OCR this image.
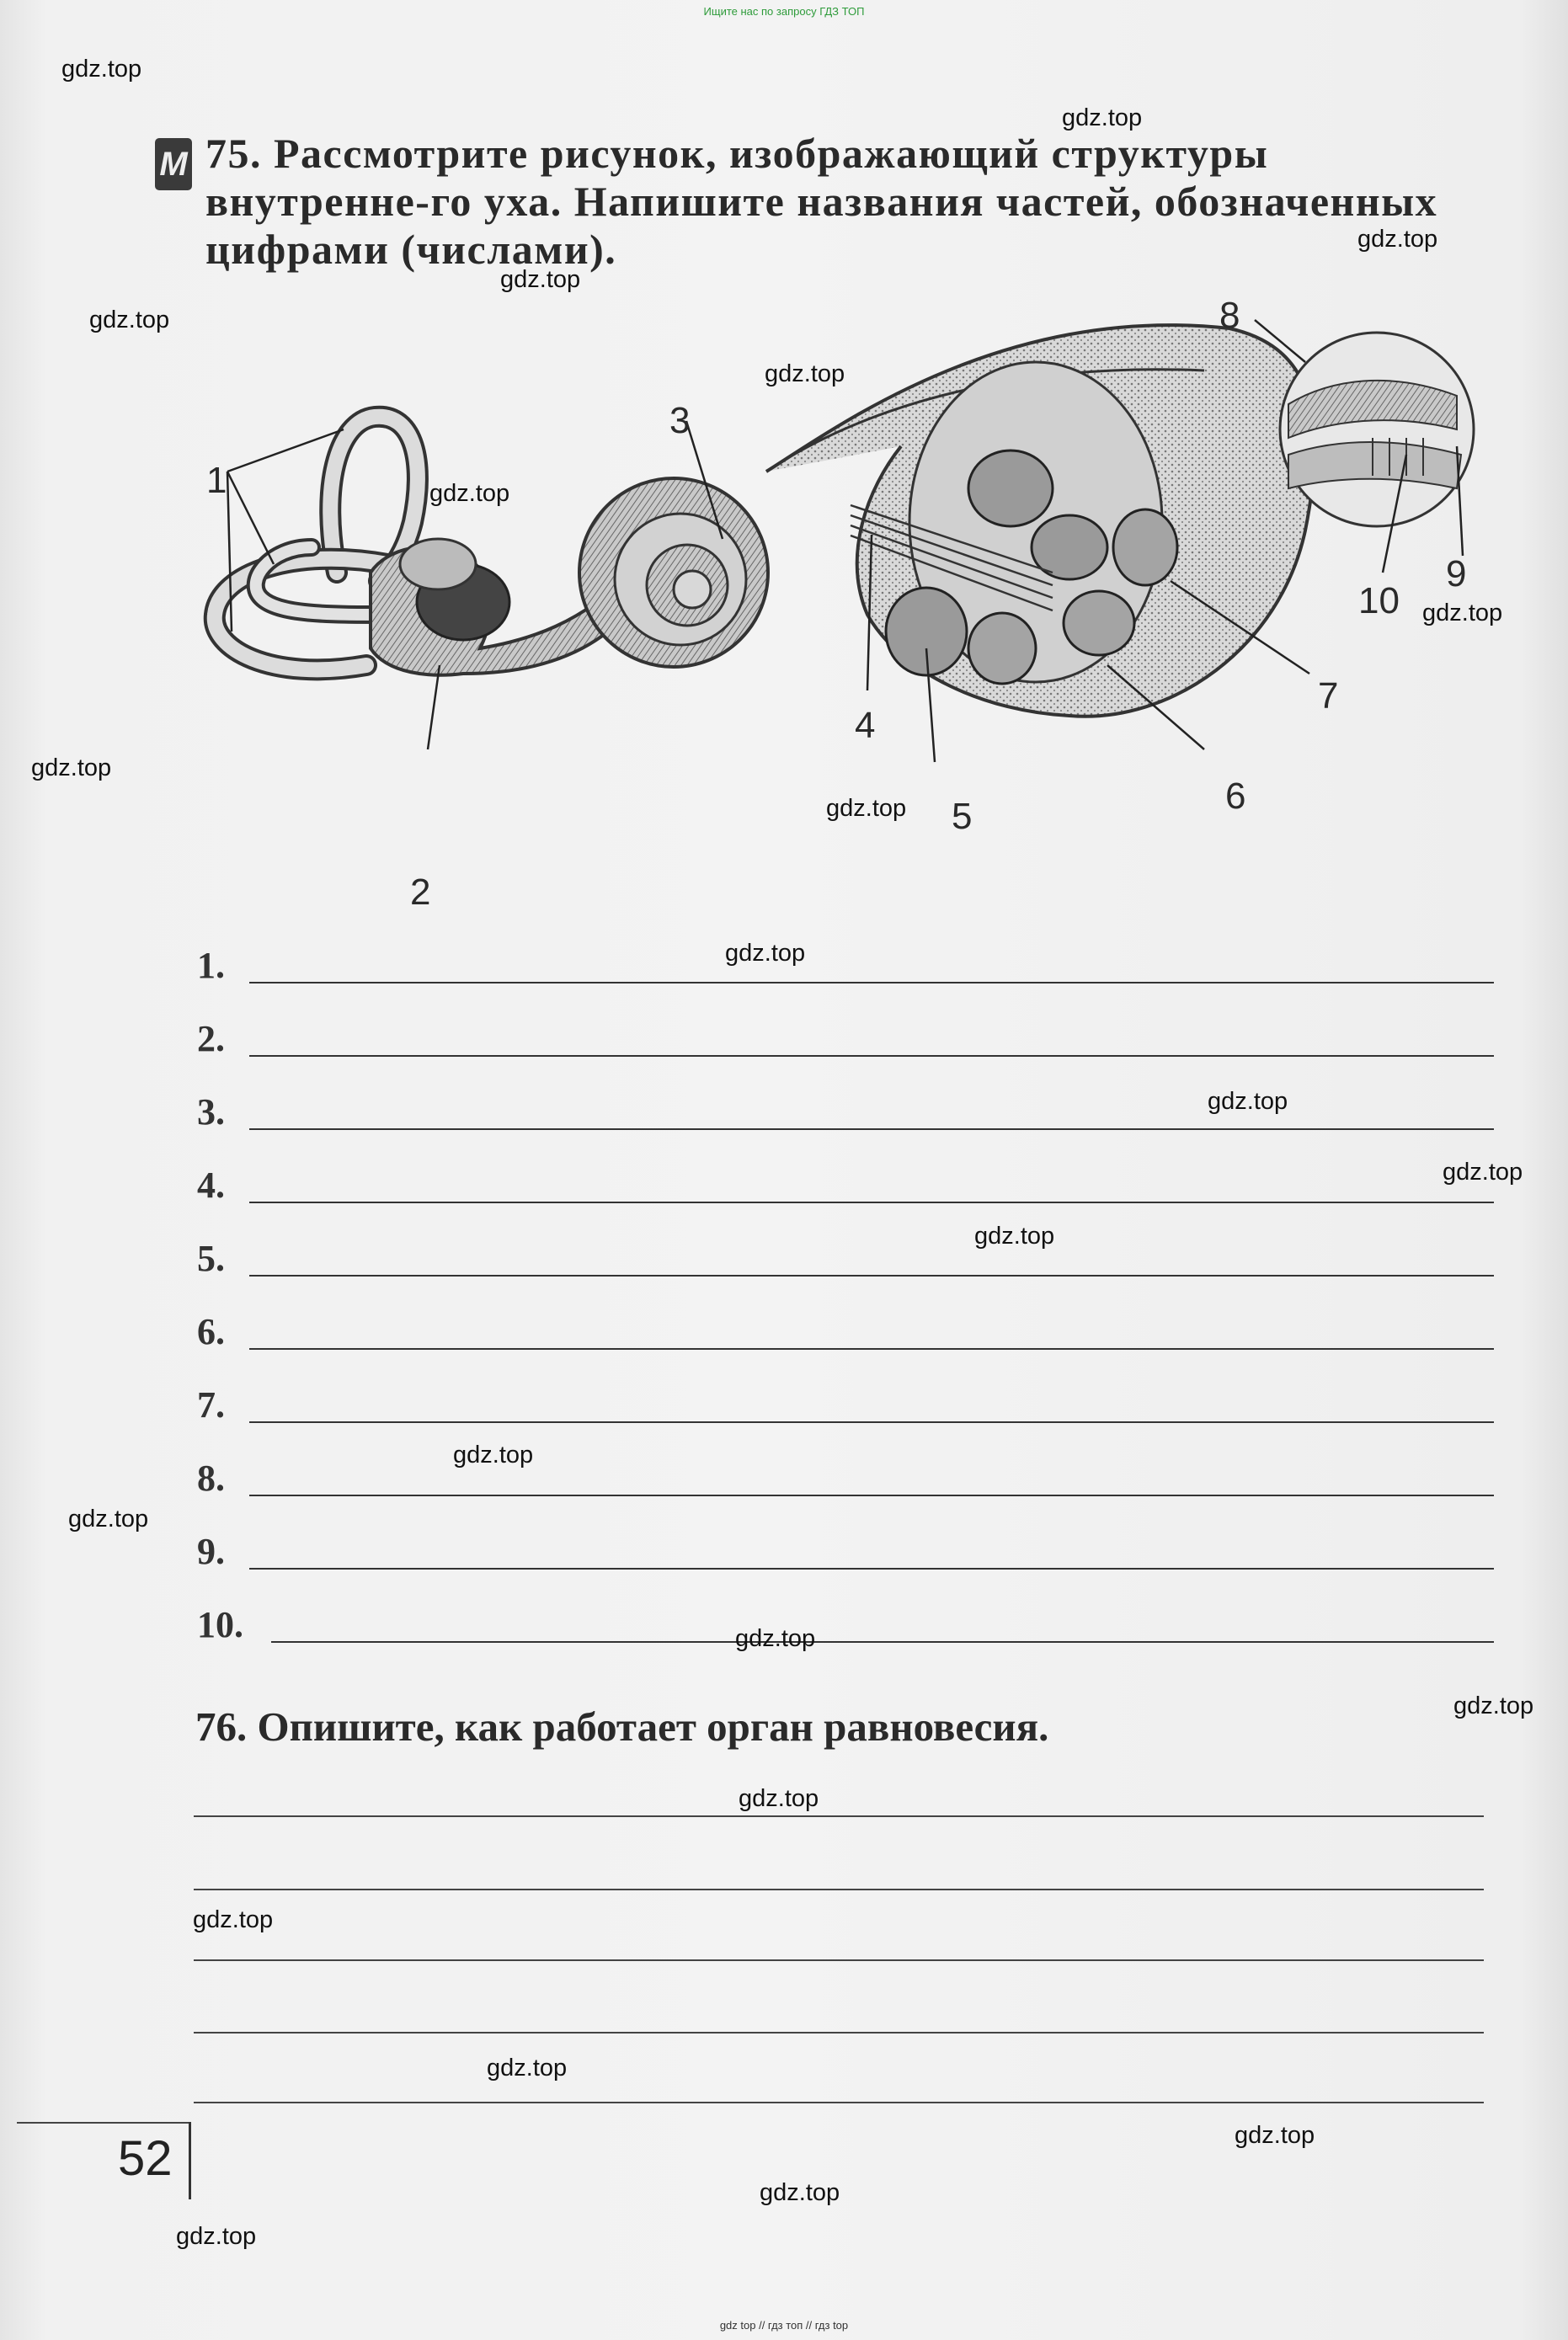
Ищите нас по запросу ГДЗ ТОП
М 75. Рассмотрите рисунок, изображающий структуры внутренне-го уха. Напишите названия частей, обозначенных цифрами (числами).
1
2
3
4
5	6
7
8
9
10
1.
2.
3.
4.
5.
6.
7.
8.
9.
10.
76. Опишите, как работает орган равновесия.
52
gdz.top
gdz.top
gdz.top
gdz.top
gdz.top
gdz.top
gdz.top
gdz.top
gdz.top
gdz.top
gdz.top
gdz.top
gdz.top
gdz.top
gdz.top
gdz.top
gdz.top
gdz.top
gdz.top
gdz.top
gdz.top
gdz.top
gdz.top
gdz.top
gdz top // гдз топ // гдз top
